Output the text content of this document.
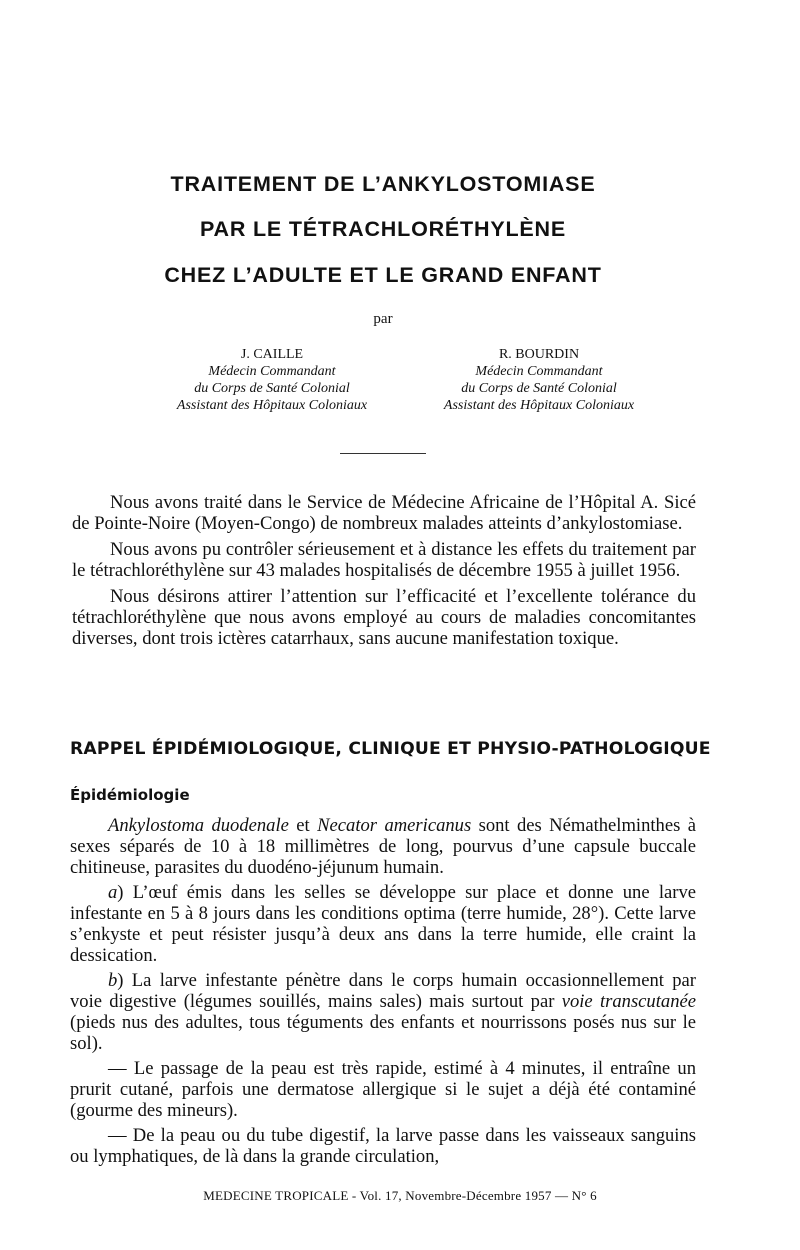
TRAITEMENT DE L’ANKYLOSTOMIASE
PAR LE TÉTRACHLORÉTHYLÈNE
CHEZ L’ADULTE ET LE GRAND ENFANT
par
J. CAILLE
Médecin Commandant
du Corps de Santé Colonial
Assistant des Hôpitaux Coloniaux
R. BOURDIN
Médecin Commandant
du Corps de Santé Colonial
Assistant des Hôpitaux Coloniaux

Nous avons traité dans le Service de Médecine Africaine de l’Hôpital A. Sicé de Pointe-Noire (Moyen-Congo) de nombreux malades atteints d’ankylostomiase.

Nous avons pu contrôler sérieusement et à distance les effets du traitement par le tétrachloréthylène sur 43 malades hospitalisés de décembre 1955 à juillet 1956.

Nous désirons attirer l’attention sur l’efficacité et l’excellente tolérance du tétrachloréthylène que nous avons employé au cours de maladies concomitantes diverses, dont trois ictères catarrhaux, sans aucune manifestation toxique.

RAPPEL ÉPIDÉMIOLOGIQUE, CLINIQUE ET PHYSIO-PATHOLOGIQUE
Épidémiologie

Ankylostoma duodenale et Necator americanus sont des Némathelminthes à sexes séparés de 10 à 18 millimètres de long, pourvus d’une capsule buccale chitineuse, parasites du duodéno-jéjunum humain.

a) L’œuf émis dans les selles se développe sur place et donne une larve infestante en 5 à 8 jours dans les conditions optima (terre humide, 28°). Cette larve s’enkyste et peut résister jusqu’à deux ans dans la terre humide, elle craint la dessication.

b) La larve infestante pénètre dans le corps humain occasionnellement par voie digestive (légumes souillés, mains sales) mais surtout par voie transcutanée (pieds nus des adultes, tous téguments des enfants et nourrissons posés nus sur le sol).

— Le passage de la peau est très rapide, estimé à 4 minutes, il entraîne un prurit cutané, parfois une dermatose allergique si le sujet a déjà été contaminé (gourme des mineurs).

— De la peau ou du tube digestif, la larve passe dans les vaisseaux sanguins ou lymphatiques, de là dans la grande circulation,

MEDECINE TROPICALE - Vol. 17, Novembre-Décembre 1957 — N° 6
